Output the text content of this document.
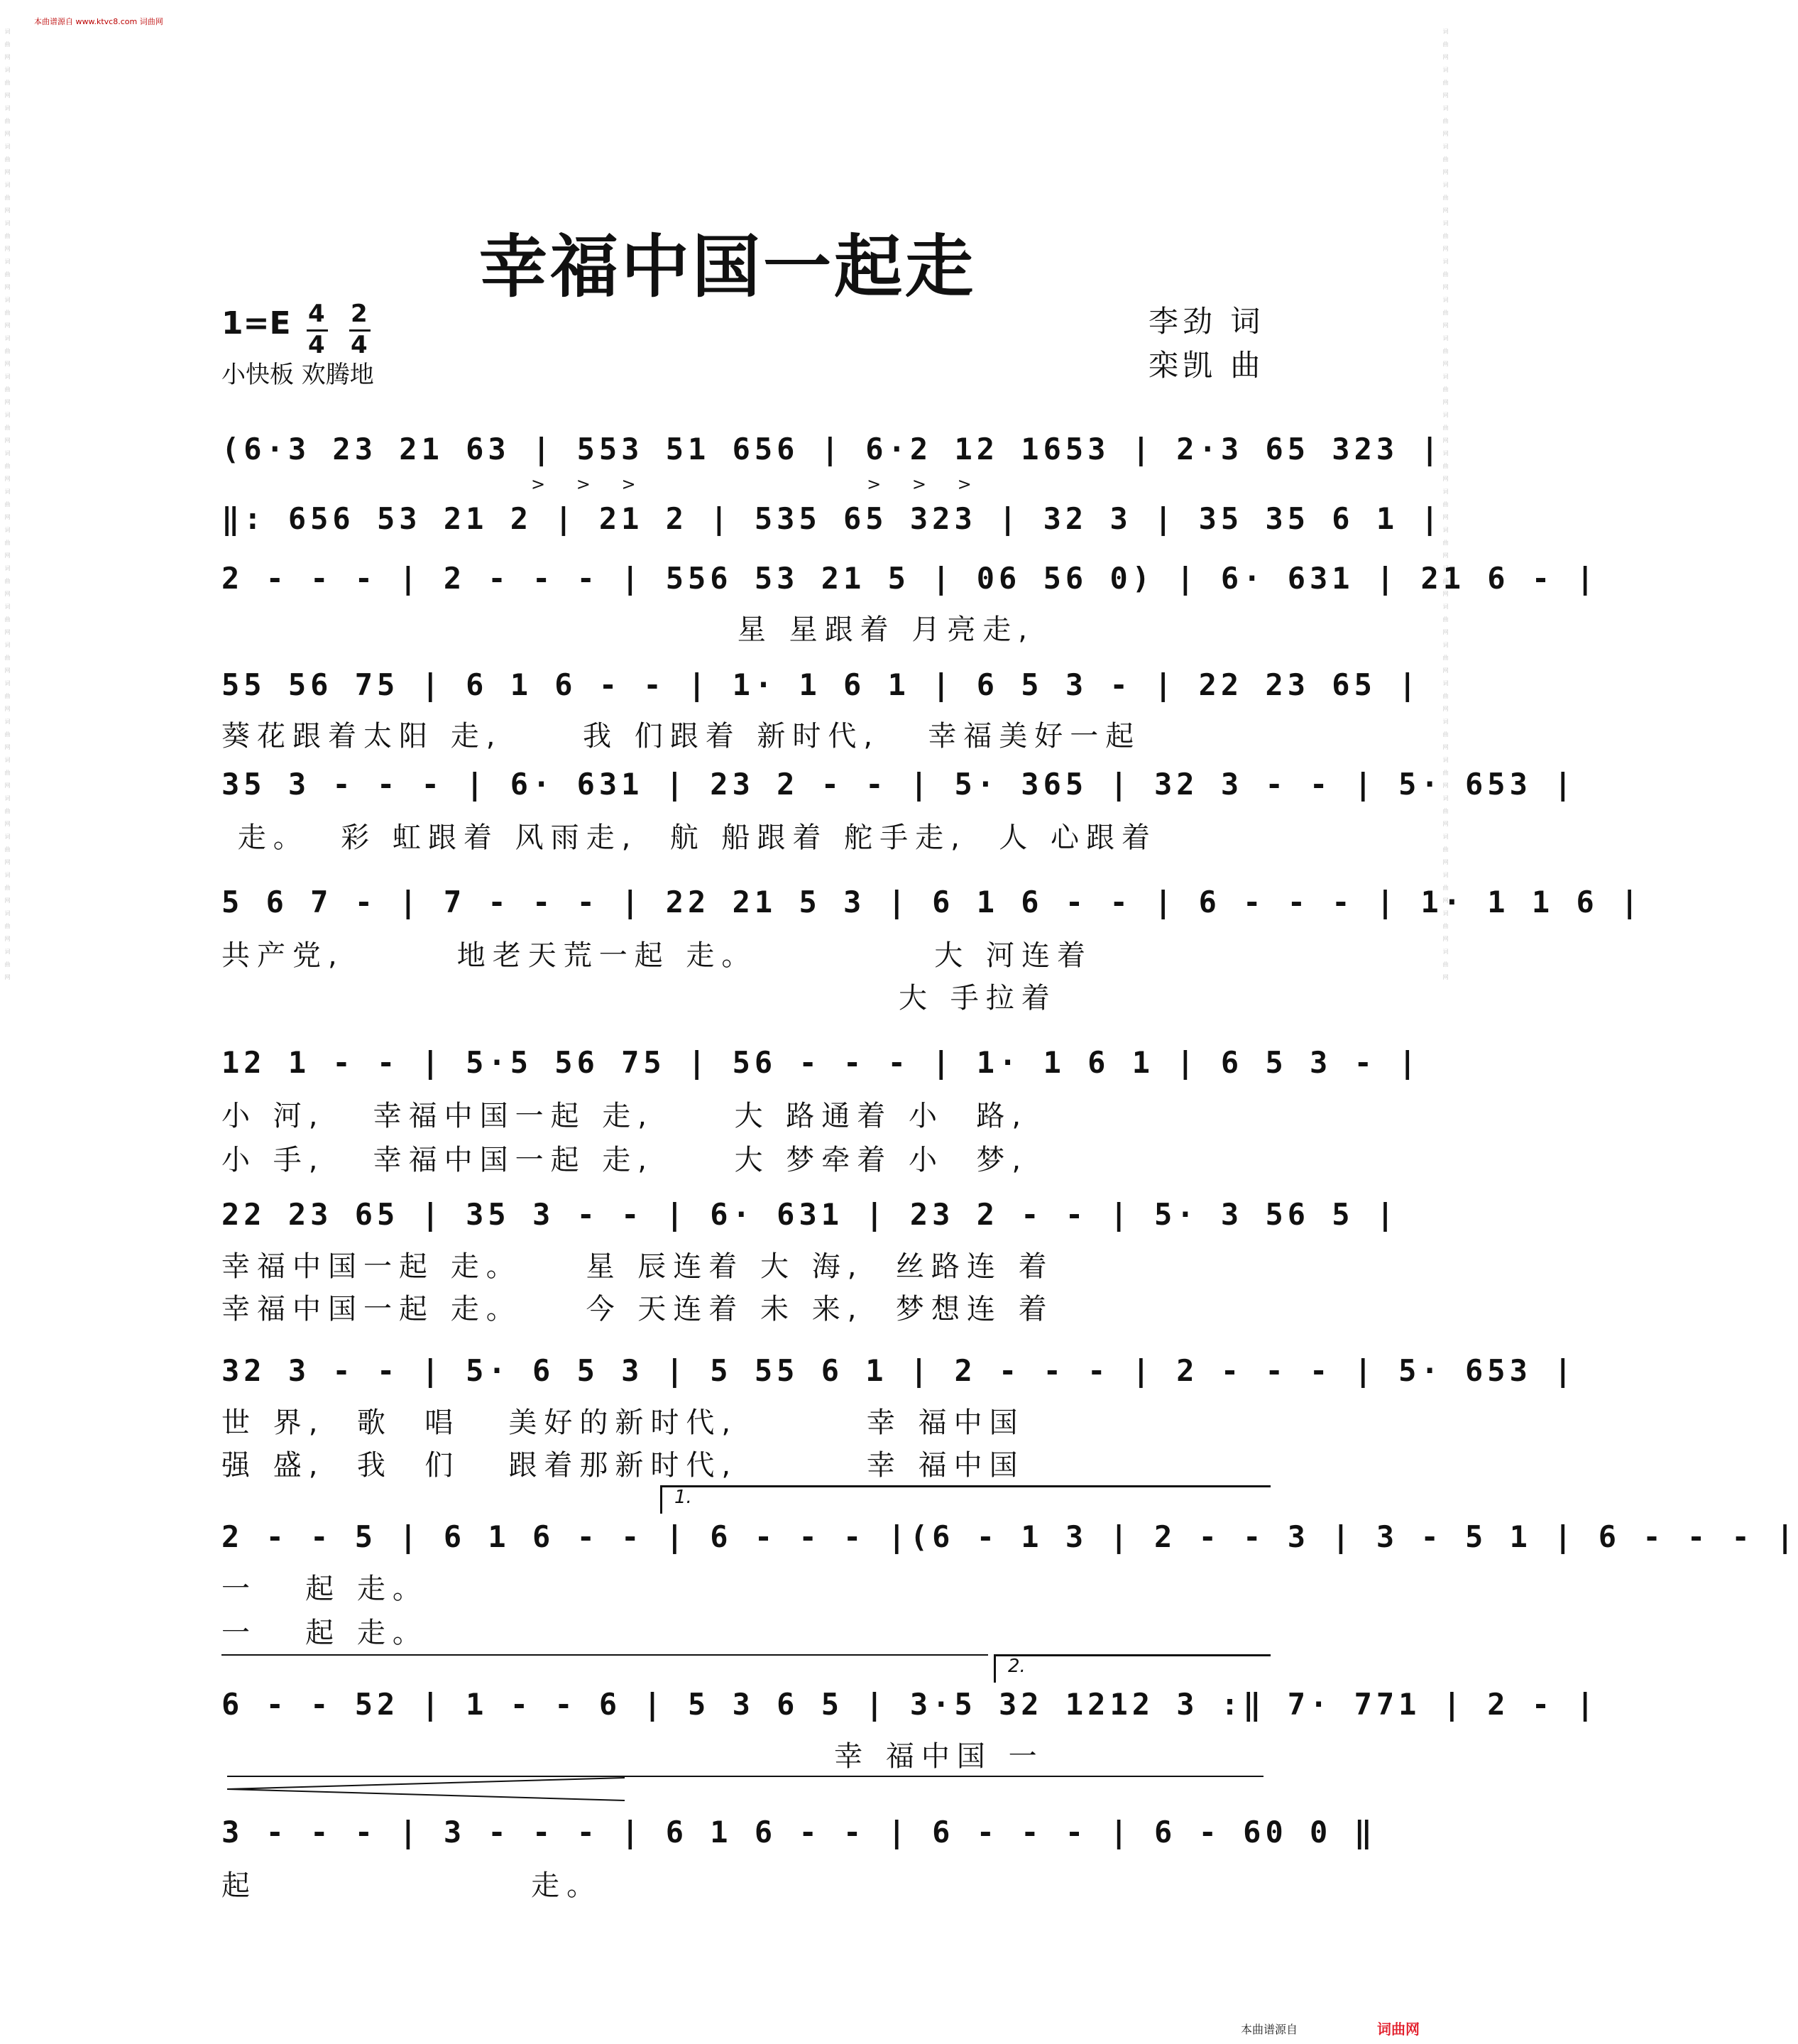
本曲谱源自 www.ktvc8.com 词曲网
本曲谱源自	词曲网
词曲网词曲网词曲网词曲网词曲网词曲网词曲网词曲网词曲网词曲网词曲网词曲网词曲网词曲网词曲网词曲网词曲网词曲网词曲网词曲网词曲网词曲网词曲网词曲网词曲网	词曲网词曲网词曲网词曲网词曲网词曲网词曲网词曲网词曲网词曲网词曲网词曲网词曲网词曲网词曲网词曲网词曲网词曲网词曲网词曲网词曲网词曲网词曲网词曲网词曲网
幸福中国一起走
1=E 4
4
2
4
小快板 欢腾地
李劲 词
栾凯 曲
(6·3 23 21 63 | 553 51 656 | 6·2 12 1653 | 2·3 65 323 |
> > >            > > >
‖: 656 53 21 2 | 21 2 | 535 65 323 | 32 3 | 35 35 6 1 |
2 - - - | 2 - - - | 556 53 21 5 | 06 56 0) | 6· 631 | 21 6 - |
星 星跟着 月亮走,
55 56 75 | 6 1 6 - - | 1· 1 6 1 | 6 5 3 - | 22 23 65 |
葵花跟着太阳 走,     我 们跟着 新时代,   幸福美好一起
35 3 - - - | 6· 631 | 23 2 - - | 5· 365 | 32 3 - - | 5· 653 |
走。  彩 虹跟着 风雨走,  航 船跟着 舵手走,  人 心跟着
5 6 7 - | 7 - - - | 22 21 5 3 | 6 1 6 - - | 6 - - - | 1· 1 1 6 |
共产党,       地老天荒一起 走。           大 河连着
大 手拉着
12 1 - - | 5·5 56 75 | 56 - - - | 1· 1 6 1 | 6 5 3 - |
小 河,   幸福中国一起 走,     大 路通着 小  路,
小 手,   幸福中国一起 走,     大 梦牵着 小  梦,
22 23 65 | 35 3 - - | 6· 631 | 23 2 - - | 5· 3 56 5 |
幸福中国一起 走。    星 辰连着 大 海,  丝路连 着
幸福中国一起 走。    今 天连着 未 来,  梦想连 着
32 3 - - | 5· 6 5 3 | 5 55 6 1 | 2 - - - | 2 - - - | 5· 653 |
世 界,  歌  唱   美好的新时代,        幸 福中国
强 盛,  我  们   跟着那新时代,        幸 福中国
1.
2 - - 5 | 6 1 6 - - | 6 - - - |(6 - 1 3 | 2 - - 3 | 3 - 5 1 | 6 - - - |
一   起 走。
一   起 走。
2.
6 - - 52 | 1 - - 6 | 5 3 6 5 | 3·5 32 1212 3 :‖ 7· 771 | 2 - |
幸 福中国 一
3 - - - | 3 - - - | 6 1 6 - - | 6 - - - | 6 - 60 0 ‖
起                 走。
